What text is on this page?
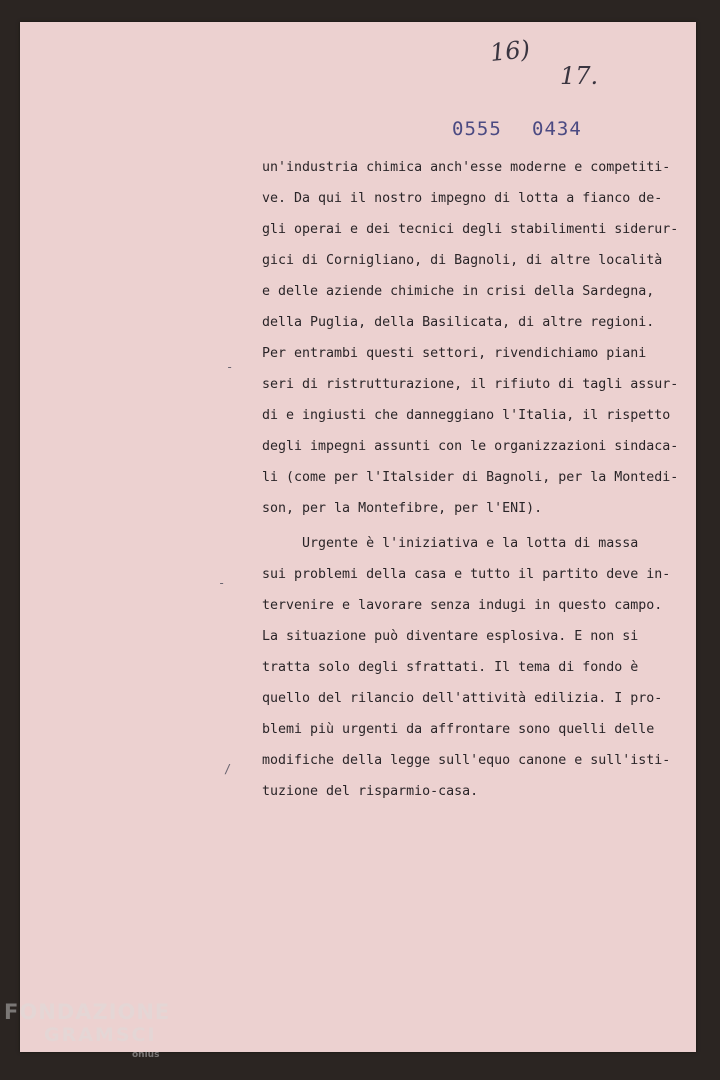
16)
17.
0555 0434

un'industria chimica anch'esse moderne e competiti-

ve. Da qui il nostro impegno di lotta a fianco de-

gli operai e dei tecnici degli stabilimenti siderur-

gici di Cornigliano, di Bagnoli, di altre località

e delle aziende chimiche in crisi della Sardegna,

della Puglia, della Basilicata, di altre regioni.

Per entrambi questi settori, rivendichiamo piani

seri di ristrutturazione, il rifiuto di tagli assur-

di e ingiusti che danneggiano l'Italia, il rispetto

degli impegni assunti con le organizzazioni sindaca-

li (come per l'Italsider di Bagnoli, per la Montedi-

son, per la Montefibre, per l'ENI).

Urgente è l'iniziativa e la lotta di massa

sui problemi della casa e tutto il partito deve in-

tervenire e lavorare senza indugi in questo campo.

La situazione può diventare esplosiva. E non si

tratta solo degli sfrattati. Il tema di fondo è

quello del rilancio dell'attività edilizia. I pro-

blemi più urgenti da affrontare sono quelli delle

modifiche della legge sull'equo canone e sull'isti-

tuzione del risparmio-casa.

-
-
/
FONDAZIONE
GRAMSCI
onlus
